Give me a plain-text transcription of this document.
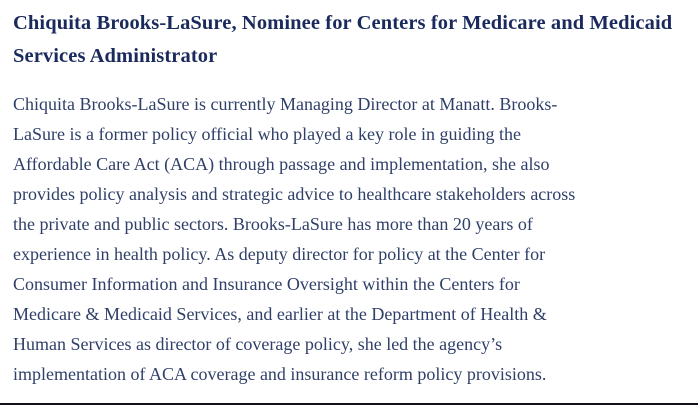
Chiquita Brooks-LaSure, Nominee for Centers for Medicare and Medicaid
Services Administrator
Chiquita Brooks-LaSure is currently Managing Director at Manatt. Brooks-
LaSure is a former policy official who played a key role in guiding the
Affordable Care Act (ACA) through passage and implementation, she also
provides policy analysis and strategic advice to healthcare stakeholders across
the private and public sectors. Brooks-LaSure has more than 20 years of
experience in health policy. As deputy director for policy at the Center for
Consumer Information and Insurance Oversight within the Centers for
Medicare & Medicaid Services, and earlier at the Department of Health &
Human Services as director of coverage policy, she led the agency’s
implementation of ACA coverage and insurance reform policy provisions.
